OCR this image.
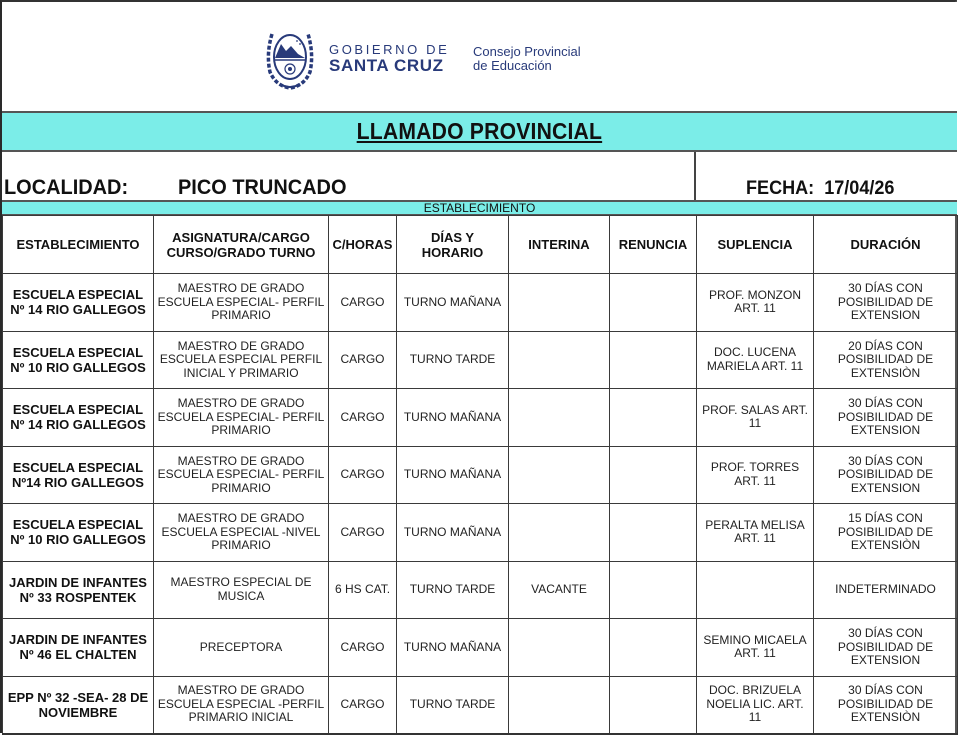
GOBIERNO DE
SANTA CRUZ
Consejo Provincial
de Educación
LLAMADO PROVINCIAL
LOCALIDAD: PICO TRUNCADO	FECHA:  17/04/26
ESTABLECIMIENTO
ESTABLECIMIENTO	ASIGNATURA/CARGO CURSO/GRADO TURNO	C/HORAS	DÍAS Y HORARIO	INTERINA	RENUNCIA	SUPLENCIA	DURACIÓN
ESCUELA ESPECIAL Nº 14 RIO GALLEGOS	MAESTRO DE GRADO ESCUELA ESPECIAL- PERFIL PRIMARIO	CARGO	TURNO MAÑANA			PROF. MONZON ART. 11	30 DÍAS CON POSIBILIDAD DE EXTENSION
ESCUELA ESPECIAL Nº 10 RIO GALLEGOS	MAESTRO DE GRADO ESCUELA ESPECIAL PERFIL INICIAL Y PRIMARIO	CARGO	TURNO TARDE			DOC. LUCENA MARIELA ART. 11	20 DÍAS CON POSIBILIDAD DE EXTENSIÒN
ESCUELA ESPECIAL Nº 14 RIO GALLEGOS	MAESTRO DE GRADO ESCUELA ESPECIAL- PERFIL PRIMARIO	CARGO	TURNO MAÑANA			PROF. SALAS ART. 11	30 DÍAS CON POSIBILIDAD DE EXTENSION
ESCUELA ESPECIAL Nº14 RIO GALLEGOS	MAESTRO DE GRADO ESCUELA ESPECIAL- PERFIL PRIMARIO	CARGO	TURNO MAÑANA			PROF. TORRES ART. 11	30 DÍAS CON POSIBILIDAD DE EXTENSION
ESCUELA ESPECIAL Nº 10 RIO GALLEGOS	MAESTRO DE GRADO ESCUELA ESPECIAL -NIVEL PRIMARIO	CARGO	TURNO MAÑANA			PERALTA MELISA ART. 11	15 DÍAS CON POSIBILIDAD DE EXTENSIÒN
JARDIN DE INFANTES Nº 33 ROSPENTEK	MAESTRO ESPECIAL DE MUSICA	6 HS CAT.	TURNO TARDE	VACANTE			INDETERMINADO
JARDIN DE INFANTES Nº 46 EL CHALTEN	PRECEPTORA	CARGO	TURNO MAÑANA			SEMINO MICAELA ART. 11	30 DÍAS CON POSIBILIDAD DE EXTENSION
EPP Nº 32 -SEA- 28 DE NOVIEMBRE	MAESTRO DE GRADO ESCUELA ESPECIAL -PERFIL PRIMARIO INICIAL	CARGO	TURNO TARDE			DOC. BRIZUELA NOELIA LIC. ART. 11	30 DÍAS CON POSIBILIDAD DE EXTENSIÒN
